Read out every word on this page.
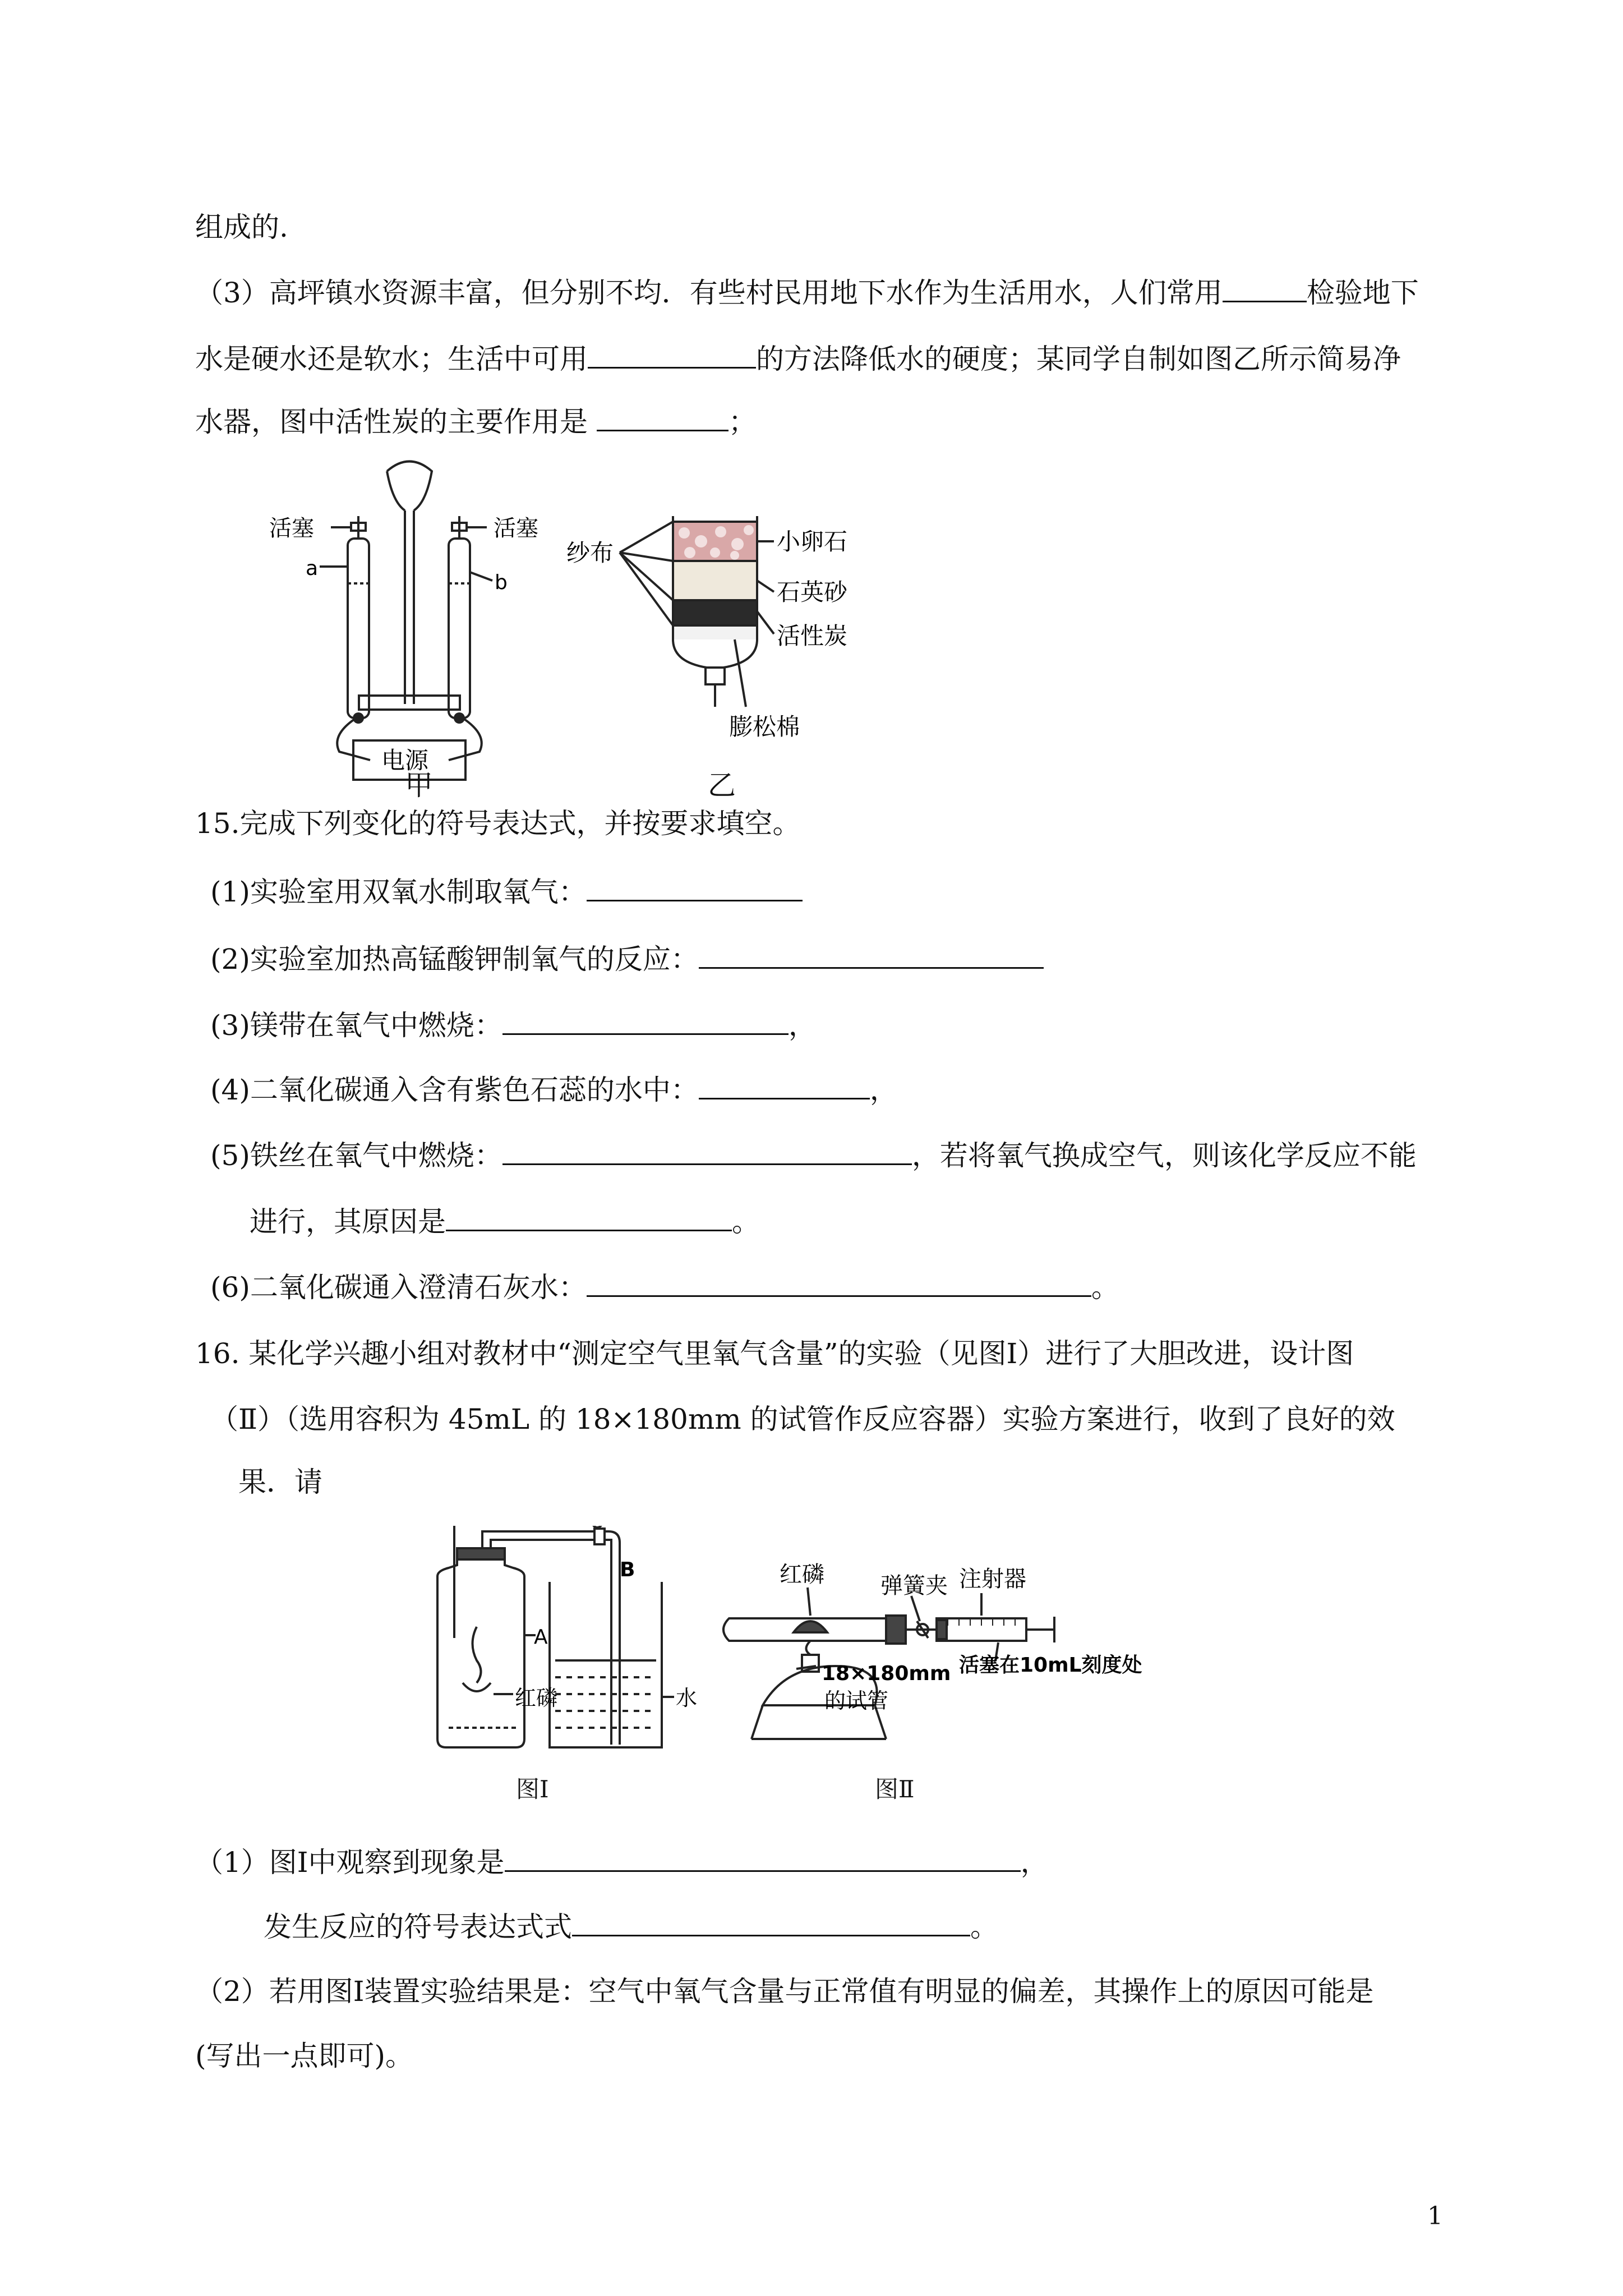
组成的.
（3）高坪镇水资源丰富，但分别不均．有些村民用地下水作为生活用水，人们常用	检验地下
水是硬水还是软水；生活中可用	的方法降低水的硬度；某同学自制如图乙所示简易净
水器，图中活性炭的主要作用是	；
活塞	活塞
a
b
电源
甲
纱布	小卵石
石英砂
活性炭
膨松棉
乙
15.完成下列变化的符号表达式，并按要求填空。
(1)实验室用双氧水制取氧气：
(2)实验室加热高锰酸钾制氧气的反应：
(3)镁带在氧气中燃烧：	，
(4)二氧化碳通入含有紫色石蕊的水中：	，
(5)铁丝在氧气中燃烧：	，若将氧气换成空气，则该化学反应不能
进行，其原因是	。
(6)二氧化碳通入澄清石灰水：	。
16. 某化学兴趣小组对教材中“测定空气里氧气含量”的实验（见图Ⅰ）进行了大胆改进，设计图
（Ⅱ）（选用容积为 45mL 的 18×180mm 的试管作反应容器）实验方案进行，收到了良好的效
果．请
A
B
红磷	水
图Ⅰ
红磷	弹簧夹 注射器
18×180mm
的试管
活塞在10mL刻度处
图Ⅱ
（1）图Ⅰ中观察到现象是	，
发生反应的符号表达式式	。
（2）若用图Ⅰ装置实验结果是：空气中氧气含量与正常值有明显的偏差，其操作上的原因可能是
(写出一点即可)。
1
